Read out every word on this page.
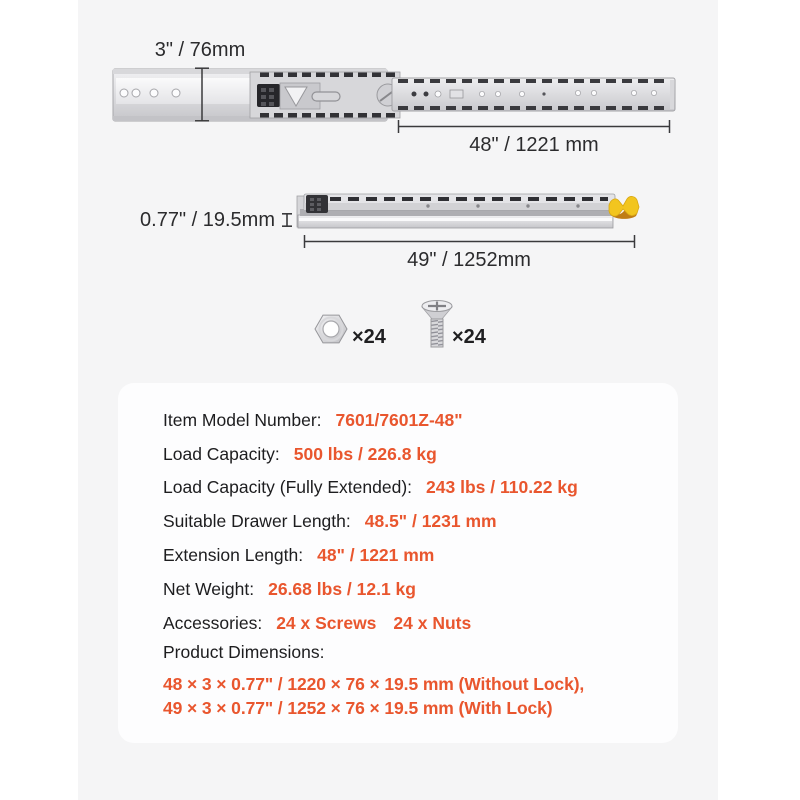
3" / 76mm
48" / 1221 mm
0.77" / 19.5mm
49" / 1252mm
×24	×24
Item Model Number: 7601/7601Z-48"
Load Capacity: 500 lbs / 226.8 kg
Load Capacity (Fully Extended): 243 lbs / 110.22 kg
Suitable Drawer Length: 48.5" / 1231 mm
Extension Length: 48" / 1221 mm
Net Weight: 26.68 lbs / 12.1 kg
Accessories: 24 x Screws 24 x Nuts
Product Dimensions:
48 × 3 × 0.77" / 1220 × 76 × 19.5 mm (Without Lock),
49 × 3 × 0.77" / 1252 × 76 × 19.5 mm (With Lock)
